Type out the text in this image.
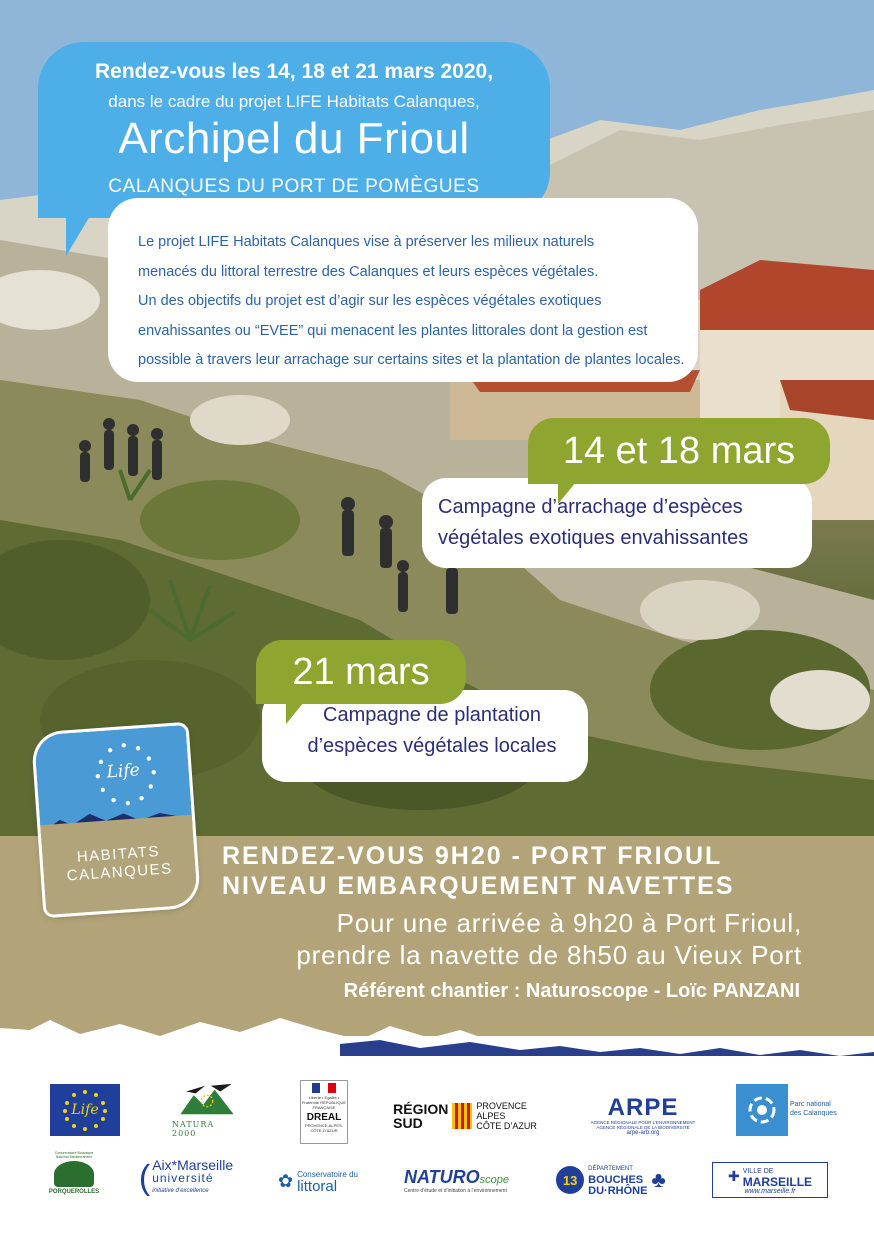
Rendez-vous les 14, 18 et 21 mars 2020,
dans le cadre du projet LIFE Habitats Calanques,
Archipel du Frioul
CALANQUES DU PORT DE POMÈGUES
Le projet LIFE Habitats Calanques vise à préserver les milieux naturels
menacés du littoral terrestre des Calanques et leurs espèces végétales.
Un des objectifs du projet est d’agir sur les espèces végétales exotiques
envahissantes ou “EVEE” qui menacent les plantes littorales dont la gestion est
possible à travers leur arrachage sur certains sites et la plantation de plantes locales.
Campagne d’arrachage d’espèces
végétales exotiques envahissantes
14 et 18 mars
Campagne de plantation
d’espèces végétales locales
21 mars
RENDEZ-VOUS 9H20 - PORT FRIOUL
NIVEAU EMBARQUEMENT NAVETTES
Pour une arrivée à 9h20 à Port Frioul,
prendre la navette de 8h50 au Vieux Port
Référent chantier : Naturoscope - Loïc PANZANI
Life
HABITATS
CALANQUES
Life
NATURA 2000
Liberté • Égalité • Fraternité RÉPUBLIQUE FRANÇAISE
DREAL
PROVENCE-ALPES-CÔTE-D’AZUR
RÉGION
SUD
PROVENCE
ALPES
CÔTE D’AZUR
ARPE
AGENCE RÉGIONALE POUR L’ENVIRONNEMENT
AGENCE RÉGIONALE DE LA BIODIVERSITÉ
arpe-arb.org
Parc national
des Calanques
Conservatoire Botanique National Méditerranéen
PORQUEROLLES ( Aix*Marseille
université
initiative d’excellence	✿ Conservatoire du
littoral	NATURO scope
Centre d’étude et d’initiation à l’environnement
13
DÉPARTEMENT
BOUCHES
DU·RHÔNE ♣	✚ VILLE DE
MARSEILLE
www.marseille.fr
